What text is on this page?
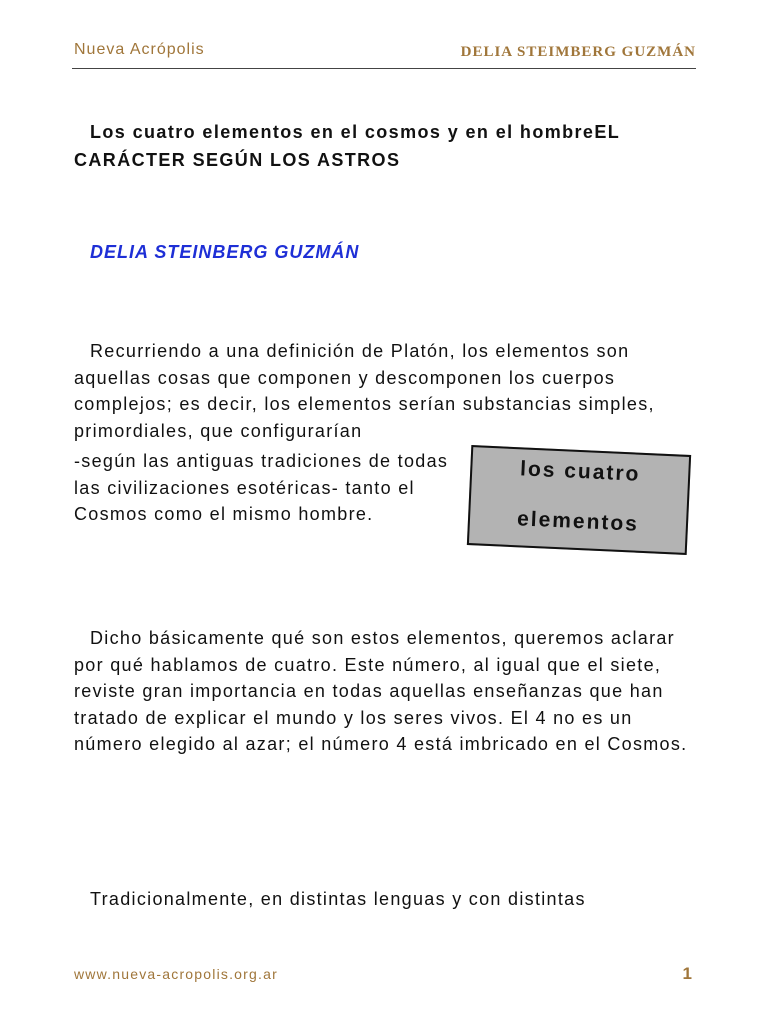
Nueva Acrópolis	DELIA STEIMBERG GUZMÁN
Los cuatro elementos en el cosmos y en el hombreEL CARÁCTER SEGÚN LOS ASTROS
DELIA STEINBERG GUZMÁN
Recurriendo a una definición de Platón, los elementos son aquellas cosas que componen y descomponen los cuerpos complejos; es decir, los elementos serían substancias simples, primordiales, que configurarían
-según las antiguas tradiciones de todas las civilizaciones esotéricas- tanto el Cosmos como el mismo hombre.
los cuatro
elementos
Dicho básicamente qué son estos elementos, queremos aclarar por qué hablamos de cuatro. Este número, al igual que el siete, reviste gran importancia en todas aquellas enseñanzas que han tratado de explicar el mundo y los seres vivos. El 4 no es un número elegido al azar; el número 4 está imbricado en el Cosmos.
Tradicionalmente, en distintas lenguas y con distintas
www.nueva-acropolis.org.ar	1
